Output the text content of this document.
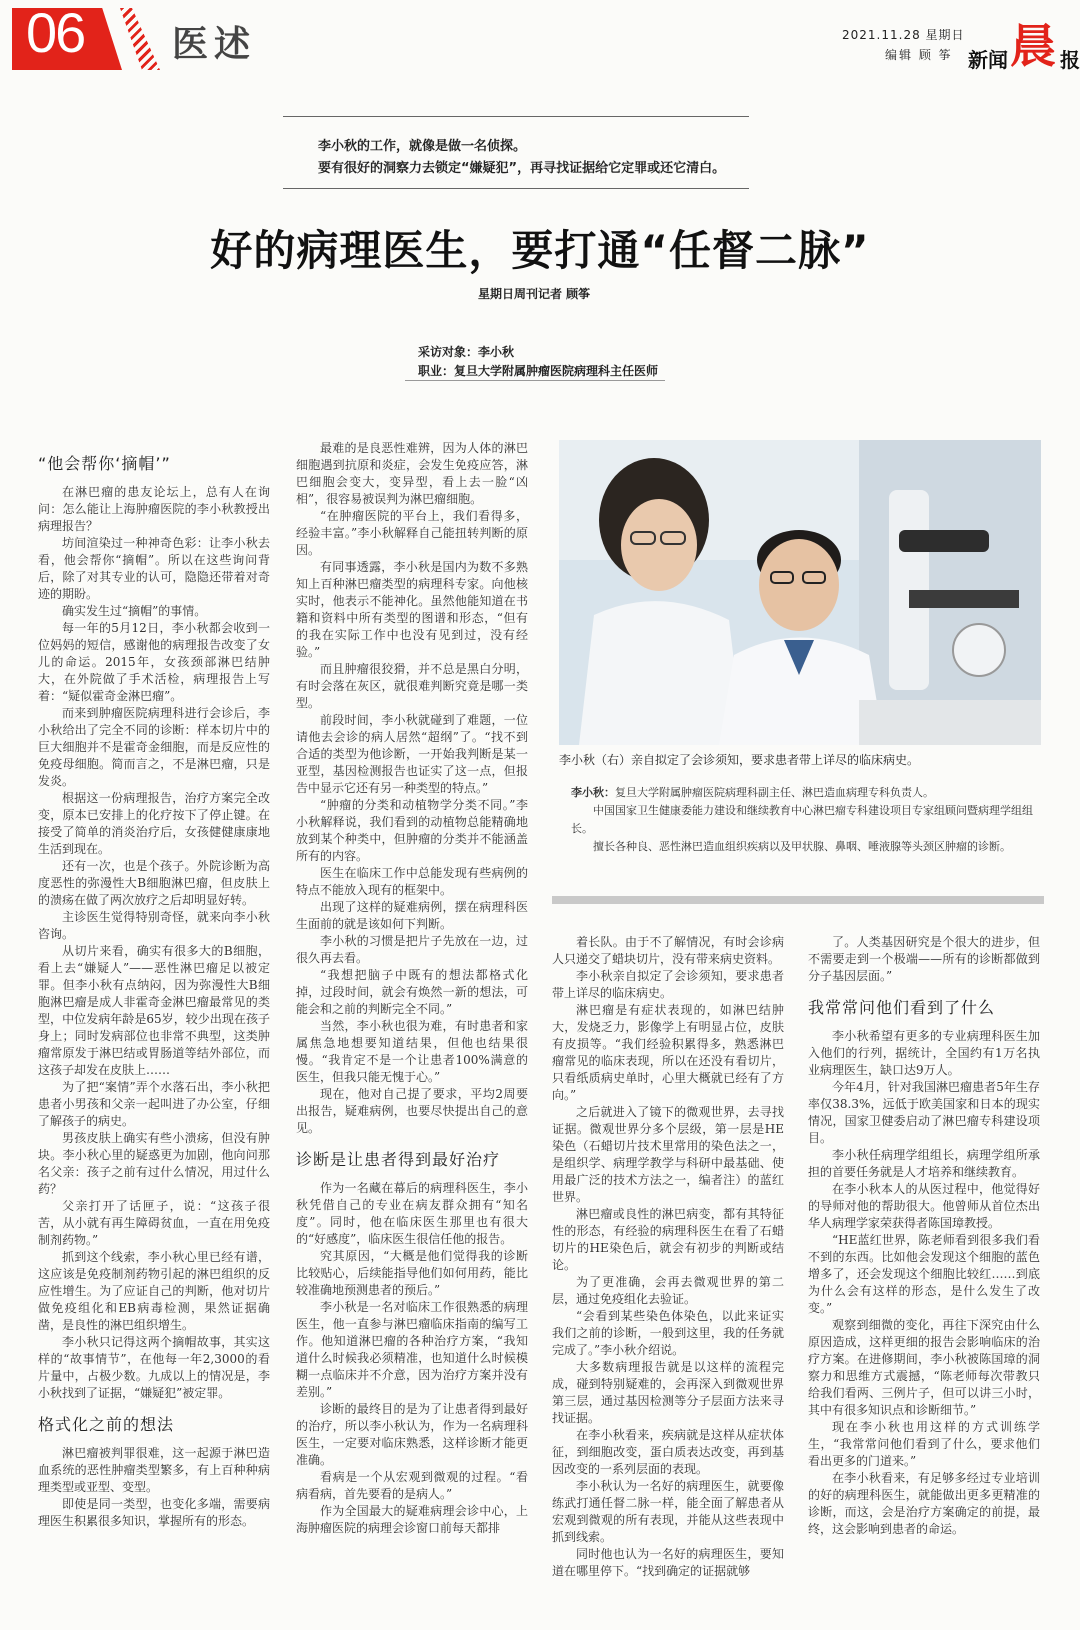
06 医述	2021.11.28 星期日
编辑 顾 筝 新闻 晨 报
李小秋的工作，就像是做一名侦探。
要有很好的洞察力去锁定“嫌疑犯”，再寻找证据给它定罪或还它清白。
好的病理医生，要打通“任督二脉”
星期日周刊记者 顾筝
采访对象：李小秋
职业：复旦大学附属肿瘤医院病理科主任医师
“他会帮你‘摘帽’”

在淋巴瘤的患友论坛上，总有人在询问：怎么能让上海肿瘤医院的李小秋教授出病理报告？

坊间渲染过一种神奇色彩：让李小秋去看，他会帮你“摘帽”。所以在这些询问背后，除了对其专业的认可，隐隐还带着对奇迹的期盼。

确实发生过“摘帽”的事情。

每一年的5月12日，李小秋都会收到一位妈妈的短信，感谢他的病理报告改变了女儿的命运。2015年，女孩颈部淋巴结肿大，在外院做了手术活检，病理报告上写着：“疑似霍奇金淋巴瘤”。

而来到肿瘤医院病理科进行会诊后，李小秋给出了完全不同的诊断：样本切片中的巨大细胞并不是霍奇金细胞，而是反应性的免疫母细胞。简而言之，不是淋巴瘤，只是发炎。

根据这一份病理报告，治疗方案完全改变，原本已安排上的化疗按下了停止键。在接受了简单的消炎治疗后，女孩健健康康地生活到现在。

还有一次，也是个孩子。外院诊断为高度恶性的弥漫性大B细胞淋巴瘤，但皮肤上的溃疡在做了两次放疗之后却明显好转。

主诊医生觉得特别奇怪，就来向李小秋咨询。

从切片来看，确实有很多大的B细胞，看上去“嫌疑人”——恶性淋巴瘤足以被定罪。但李小秋有点纳闷，因为弥漫性大B细胞淋巴瘤是成人非霍奇金淋巴瘤最常见的类型，中位发病年龄是65岁，较少出现在孩子身上；同时发病部位也非常不典型，这类肿瘤常原发于淋巴结或胃肠道等结外部位，而这孩子却发在皮肤上……

为了把“案情”弄个水落石出，李小秋把患者小男孩和父亲一起叫进了办公室，仔细了解孩子的病史。

男孩皮肤上确实有些小溃疡，但没有肿块。李小秋心里的疑惑更为加剧，他向问那名父亲：孩子之前有过什么情况，用过什么药？

父亲打开了话匣子，说：“这孩子很苦，从小就有再生障碍贫血，一直在用免疫制剂药物。”

抓到这个线索，李小秋心里已经有谱，这应该是免疫制剂药物引起的淋巴组织的反应性增生。为了应证自己的判断，他对切片做免疫组化和EB病毒检测，果然证据确凿，是良性的淋巴组织增生。

李小秋只记得这两个摘帽故事，其实这样的“故事情节”，在他每一年2,3000的看片量中，占极少数。九成以上的情况是，李小秋找到了证据，“嫌疑犯”被定罪。

格式化之前的想法

淋巴瘤被判罪很难，这一起源于淋巴造血系统的恶性肿瘤类型繁多，有上百种种病理类型或亚型、变型。

即使是同一类型，也变化多端，需要病理医生积累很多知识，掌握所有的形态。

最难的是良恶性难辨，因为人体的淋巴细胞遇到抗原和炎症，会发生免疫应答，淋巴细胞会变大，变异型，看上去一脸“凶相”，很容易被误判为淋巴瘤细胞。

“在肿瘤医院的平台上，我们看得多，经验丰富。”李小秋解释自己能扭转判断的原因。

有同事透露，李小秋是国内为数不多熟知上百种淋巴瘤类型的病理科专家。向他核实时，他表示不能神化。虽然他能知道在书籍和资料中所有类型的图谱和形态，“但有的我在实际工作中也没有见到过，没有经验。”

而且肿瘤很狡猾，并不总是黑白分明，有时会落在灰区，就很难判断究竟是哪一类型。

前段时间，李小秋就碰到了难题，一位请他去会诊的病人居然“超纲”了。“找不到合适的类型为他诊断，一开始我判断是某一亚型，基因检测报告也证实了这一点，但报告中显示它还有另一种类型的特点。”

“肿瘤的分类和动植物学分类不同。”李小秋解释说，我们看到的动植物总能精确地放到某个种类中，但肿瘤的分类并不能涵盖所有的内容。

医生在临床工作中总能发现有些病例的特点不能放入现有的框架中。

出现了这样的疑难病例，摆在病理科医生面前的就是该如何下判断。

李小秋的习惯是把片子先放在一边，过很久再去看。

“我想把脑子中既有的想法都格式化掉，过段时间，就会有焕然一新的想法，可能会和之前的判断完全不同。”

当然，李小秋也很为难，有时患者和家属焦急地想要知道结果，但他也结果很慢。“我肯定不是一个让患者100%满意的医生，但我只能无愧于心。”

现在，他对自己提了要求，平均2周要出报告，疑难病例，也要尽快提出自己的意见。

诊断是让患者得到最好治疗

作为一名藏在幕后的病理科医生，李小秋凭借自己的专业在病友群众拥有“知名度”。同时，他在临床医生那里也有很大的“好感度”，临床医生很信任他的报告。

究其原因，“大概是他们觉得我的诊断比较贴心，后续能指导他们如何用药，能比较准确地预测患者的预后。”

李小秋是一名对临床工作很熟悉的病理医生，他一直参与淋巴瘤临床指南的编写工作。他知道淋巴瘤的各种治疗方案，“我知道什么时候我必须精准，也知道什么时候模糊一点临床并不介意，因为治疗方案并没有差别。”

诊断的最终目的是为了让患者得到最好的治疗，所以李小秋认为，作为一名病理科医生，一定要对临床熟悉，这样诊断才能更准确。

看病是一个从宏观到微观的过程。“看病看病，首先要看的是病人。”

作为全国最大的疑难病理会诊中心，上海肿瘤医院的病理会诊窗口前每天都排

着长队。由于不了解情况，有时会诊病人只递交了蜡块切片，没有带来病史资料。

李小秋亲自拟定了会诊须知，要求患者带上详尽的临床病史。

淋巴瘤是有症状表现的，如淋巴结肿大，发烧乏力，影像学上有明显占位，皮肤有皮损等。“我们经验积累得多，熟悉淋巴瘤常见的临床表现，所以在还没有看切片，只看纸质病史单时，心里大概就已经有了方向。”

之后就进入了镜下的微观世界，去寻找证据。微观世界分多个层级，第一层是HE染色（石蜡切片技术里常用的染色法之一，是组织学、病理学教学与科研中最基础、使用最广泛的技术方法之一，编者注）的蓝红世界。

淋巴瘤或良性的淋巴病变，都有其特征性的形态，有经验的病理科医生在看了石蜡切片的HE染色后，就会有初步的判断或结论。

为了更准确，会再去微观世界的第二层，通过免疫组化去验证。

“会看到某些染色体染色，以此来证实我们之前的诊断，一般到这里，我的任务就完成了。”李小秋介绍说。

大多数病理报告就是以这样的流程完成，碰到特别疑难的，会再深入到微观世界第三层，通过基因检测等分子层面方法来寻找证据。

在李小秋看来，疾病就是这样从症状体征，到细胞改变，蛋白质表达改变，再到基因改变的一系列层面的表现。

李小秋认为一名好的病理医生，就要像练武打通任督二脉一样，能全面了解患者从宏观到微观的所有表现，并能从这些表现中抓到线索。

同时他也认为一名好的病理医生，要知道在哪里停下。“找到确定的证据就够

了。人类基因研究是个很大的进步，但不需要走到一个极端——所有的诊断都做到分子基因层面。”

我常常问他们看到了什么

李小秋希望有更多的专业病理科医生加入他们的行列，据统计，全国约有1万名执业病理医生，缺口达9万人。

今年4月，针对我国淋巴瘤患者5年生存率仅38.3%，远低于欧美国家和日本的现实情况，国家卫健委启动了淋巴瘤专科建设项目。

李小秋任病理学组组长，病理学组所承担的首要任务就是人才培养和继续教育。

在李小秋本人的从医过程中，他觉得好的导师对他的帮助很大。他曾师从首位杰出华人病理学家荣获得者陈国璋教授。

“HE蓝红世界，陈老师看到很多我们看不到的东西。比如他会发现这个细胞的蓝色增多了，还会发现这个细胞比较红……到底为什么会有这样的形态，是什么发生了改变。”

观察到细微的变化，再往下深究由什么原因造成，这样更细的报告会影响临床的治疗方案。在进修期间，李小秋被陈国璋的洞察力和思维方式震撼，“陈老师每次带教只给我们看两、三例片子，但可以讲三小时，其中有很多知识点和诊断细节。”

现在李小秋也用这样的方式训练学生，“我常常问他们看到了什么，要求他们看出更多的门道来。”

在李小秋看来，有足够多经过专业培训的好的病理科医生，就能做出更多更精准的诊断，而这，会是治疗方案确定的前提，最终，这会影响到患者的命运。

李小秋（右）亲自拟定了会诊须知，要求患者带上详尽的临床病史。

李小秋：复旦大学附属肿瘤医院病理科副主任、淋巴造血病理专科负责人。

中国国家卫生健康委能力建设和继续教育中心淋巴瘤专科建设项目专家组顾问暨病理学组组长。

擅长各种良、恶性淋巴造血组织疾病以及甲状腺、鼻咽、唾液腺等头颈区肿瘤的诊断。
